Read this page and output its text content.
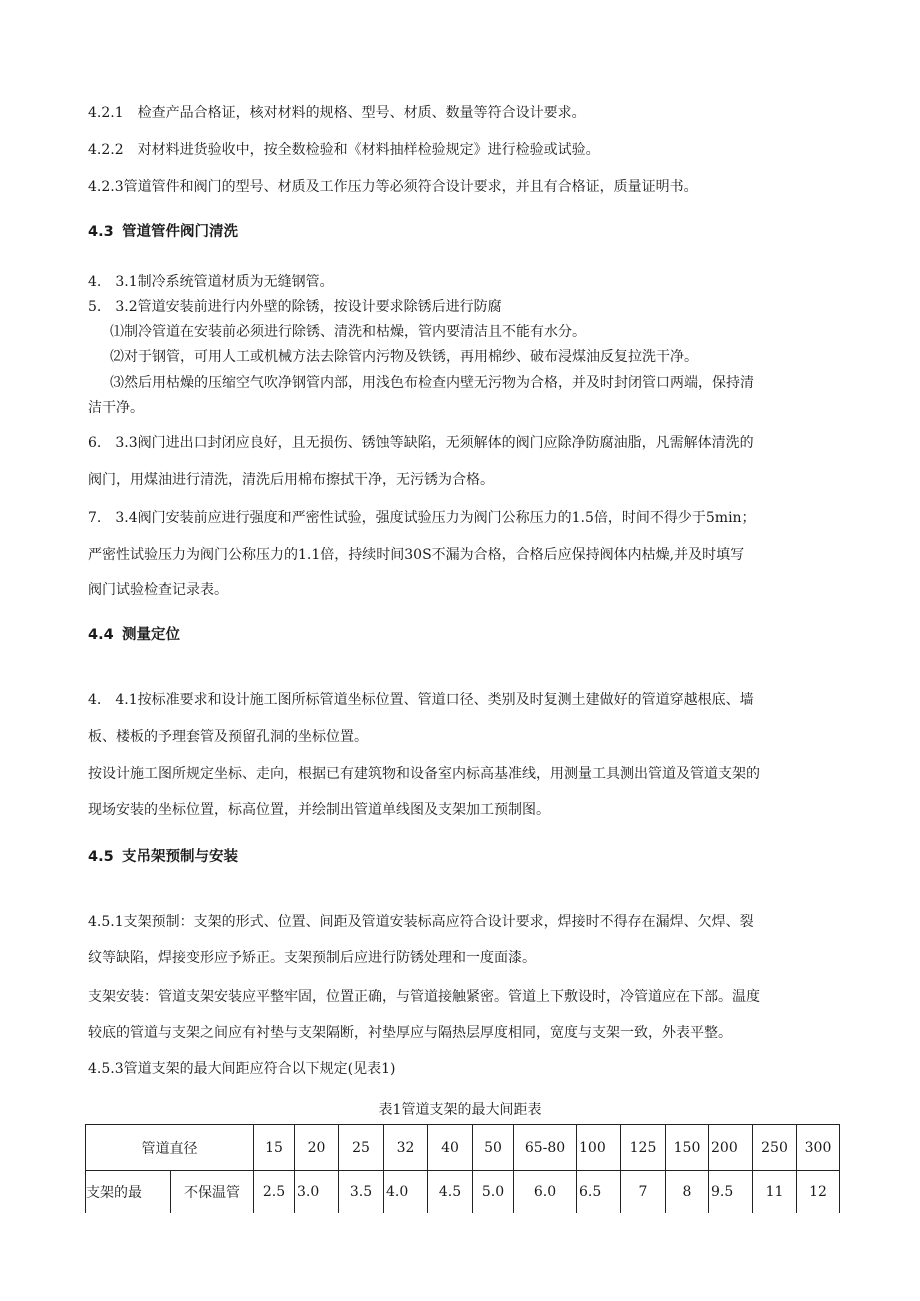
4.2.1　检查产品合格证，核对材料的规格、型号、材质、数量等符合设计要求。
4.2.2　对材料进货验收中，按全数检验和《材料抽样检验规定》进行检验或试验。
4.2.3管道管件和阀门的型号、材质及工作压力等必须符合设计要求，并且有合格证，质量证明书。
4.3 管道管件阀门清洗
4.　3.1制冷系统管道材质为无缝钢管。
5.　3.2管道安装前进行内外壁的除锈，按设计要求除锈后进行防腐
⑴制冷管道在安装前必须进行除锈、清洗和枯燥，管内要清洁且不能有水分。
⑵对于钢管，可用人工或机械方法去除管内污物及铁锈，再用棉纱、破布浸煤油反复拉洗干净。
⑶然后用枯燥的压缩空气吹净钢管内部，用浅色布检查内壁无污物为合格，并及时封闭管口两端，保持清
洁干净。
6.　3.3阀门进出口封闭应良好，且无损伤、锈蚀等缺陷，无须解体的阀门应除净防腐油脂，凡需解体清洗的
阀门，用煤油进行清洗，清洗后用棉布擦拭干净，无污锈为合格。
7.　3.4阀门安装前应进行强度和严密性试验，强度试验压力为阀门公称压力的1.5倍，时间不得少于5min；
严密性试验压力为阀门公称压力的1.1倍，持续时间30S不漏为合格，合格后应保持阀体内枯燥,并及时填写
阀门试验检查记录表。
4.4 测量定位
4.　4.1按标准要求和设计施工图所标管道坐标位置、管道口径、类别及时复测土建做好的管道穿越根底、墙
板、楼板的予理套管及预留孔洞的坐标位置。
按设计施工图所规定坐标、走向，根据已有建筑物和设备室内标高基准线，用测量工具测出管道及管道支架的
现场安装的坐标位置，标高位置，并绘制出管道单线图及支架加工预制图。
4.5 支吊架预制与安装
4.5.1支架预制：支架的形式、位置、间距及管道安装标高应符合设计要求，焊接时不得存在漏焊、欠焊、裂
纹等缺陷，焊接变形应予矫正。支架预制后应进行防锈处理和一度面漆。
支架安装：管道支架安装应平整牢固，位置正确，与管道接触紧密。管道上下敷设时，冷管道应在下部。温度
较底的管道与支架之间应有衬垫与支架隔断，衬垫厚应与隔热层厚度相同，宽度与支架一致，外表平整。
4.5.3管道支架的最大间距应符合以下规定(见表1)
表1管道支架的最大间距表
管道直径		15	20	25	32	40	50	65-80	100	125	150	200	250	300
支架的最	不保温管	2.5	3.0	3.5	4.0	4.5	5.0	6.0	6.5	7	8	9.5	11	12
